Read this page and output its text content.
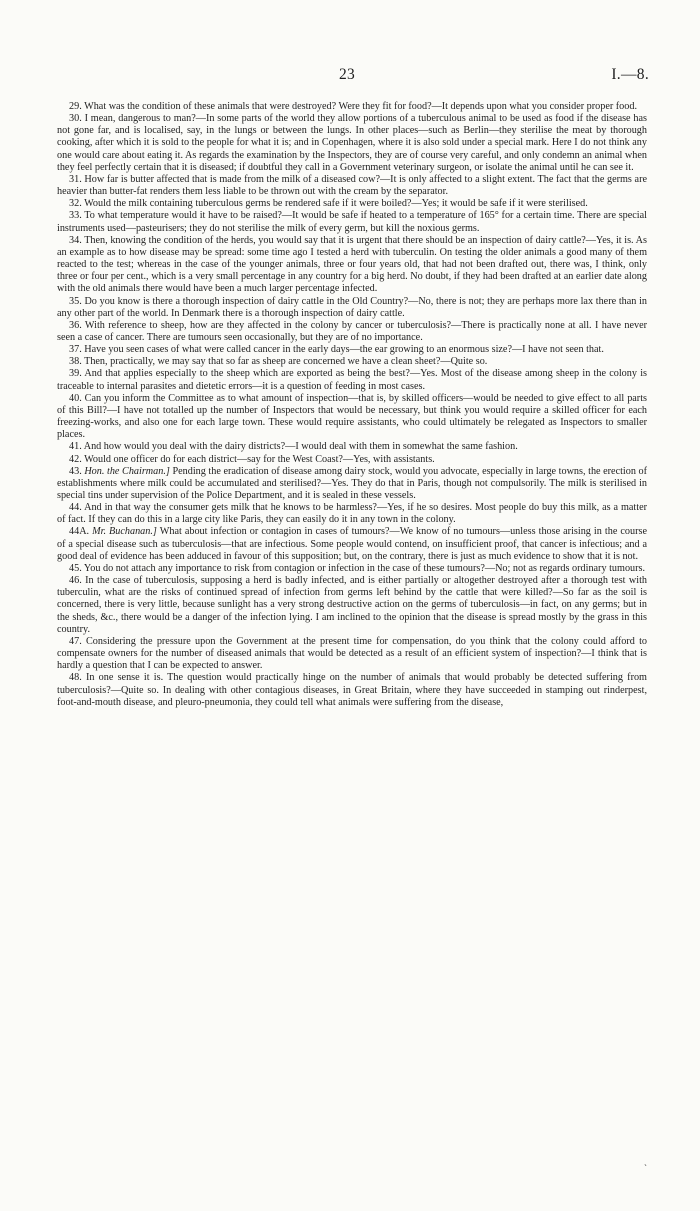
23	I.—8.

29. What was the condition of these animals that were destroyed? Were they fit for food?—It depends upon what you consider proper food.

30. I mean, dangerous to man?—In some parts of the world they allow portions of a tuberculous animal to be used as food if the disease has not gone far, and is localised, say, in the lungs or between the lungs. In other places—such as Berlin—they sterilise the meat by thorough cooking, after which it is sold to the people for what it is; and in Copenhagen, where it is also sold under a special mark. Here I do not think any one would care about eating it. As regards the examination by the Inspectors, they are of course very careful, and only condemn an animal when they feel perfectly certain that it is diseased; if doubtful they call in a Government veterinary surgeon, or isolate the animal until he can see it.

31. How far is butter affected that is made from the milk of a diseased cow?—It is only affected to a slight extent. The fact that the germs are heavier than butter-fat renders them less liable to be thrown out with the cream by the separator.

32. Would the milk containing tuberculous germs be rendered safe if it were boiled?—Yes; it would be safe if it were sterilised.

33. To what temperature would it have to be raised?—It would be safe if heated to a temperature of 165° for a certain time. There are special instruments used—pasteurisers; they do not sterilise the milk of every germ, but kill the noxious germs.

34. Then, knowing the condition of the herds, you would say that it is urgent that there should be an inspection of dairy cattle?—Yes, it is. As an example as to how disease may be spread: some time ago I tested a herd with tuberculin. On testing the older animals a good many of them reacted to the test; whereas in the case of the younger animals, three or four years old, that had not been drafted out, there was, I think, only three or four per cent., which is a very small percentage in any country for a big herd. No doubt, if they had been drafted at an earlier date along with the old animals there would have been a much larger percentage infected.

35. Do you know is there a thorough inspection of dairy cattle in the Old Country?—No, there is not; they are perhaps more lax there than in any other part of the world. In Denmark there is a thorough inspection of dairy cattle.

36. With reference to sheep, how are they affected in the colony by cancer or tuberculosis?—There is practically none at all. I have never seen a case of cancer. There are tumours seen occasionally, but they are of no importance.

37. Have you seen cases of what were called cancer in the early days—the ear growing to an enormous size?—I have not seen that.

38. Then, practically, we may say that so far as sheep are concerned we have a clean sheet?—Quite so.

39. And that applies especially to the sheep which are exported as being the best?—Yes. Most of the disease among sheep in the colony is traceable to internal parasites and dietetic errors—it is a question of feeding in most cases.

40. Can you inform the Committee as to what amount of inspection—that is, by skilled officers—would be needed to give effect to all parts of this Bill?—I have not totalled up the number of Inspectors that would be necessary, but think you would require a skilled officer for each freezing-works, and also one for each large town. These would require assistants, who could ultimately be relegated as Inspectors to smaller places.

41. And how would you deal with the dairy districts?—I would deal with them in somewhat the same fashion.

42. Would one officer do for each district—say for the West Coast?—Yes, with assistants.

43. Hon. the Chairman.] Pending the eradication of disease among dairy stock, would you advocate, especially in large towns, the erection of establishments where milk could be accumulated and sterilised?—Yes. They do that in Paris, though not compulsorily. The milk is sterilised in special tins under supervision of the Police Department, and it is sealed in these vessels.

44. And in that way the consumer gets milk that he knows to be harmless?—Yes, if he so desires. Most people do buy this milk, as a matter of fact. If they can do this in a large city like Paris, they can easily do it in any town in the colony.

44A. Mr. Buchanan.] What about infection or contagion in cases of tumours?—We know of no tumours—unless those arising in the course of a special disease such as tuberculosis—that are infectious. Some people would contend, on insufficient proof, that cancer is infectious; and a good deal of evidence has been adduced in favour of this supposition; but, on the contrary, there is just as much evidence to show that it is not.

45. You do not attach any importance to risk from contagion or infection in the case of these tumours?—No; not as regards ordinary tumours.

46. In the case of tuberculosis, supposing a herd is badly infected, and is either partially or altogether destroyed after a thorough test with tuberculin, what are the risks of continued spread of infection from germs left behind by the cattle that were killed?—So far as the soil is concerned, there is very little, because sunlight has a very strong destructive action on the germs of tuberculosis—in fact, on any germs; but in the sheds, &c., there would be a danger of the infection lying. I am inclined to the opinion that the disease is spread mostly by the grass in this country.

47. Considering the pressure upon the Government at the present time for compensation, do you think that the colony could afford to compensate owners for the number of diseased animals that would be detected as a result of an efficient system of inspection?—I think that is hardly a question that I can be expected to answer.

48. In one sense it is. The question would practically hinge on the number of animals that would probably be detected suffering from tuberculosis?—Quite so. In dealing with other contagious diseases, in Great Britain, where they have succeeded in stamping out rinderpest, foot-and-mouth disease, and pleuro-pneumonia, they could tell what animals were suffering from the disease,

`
